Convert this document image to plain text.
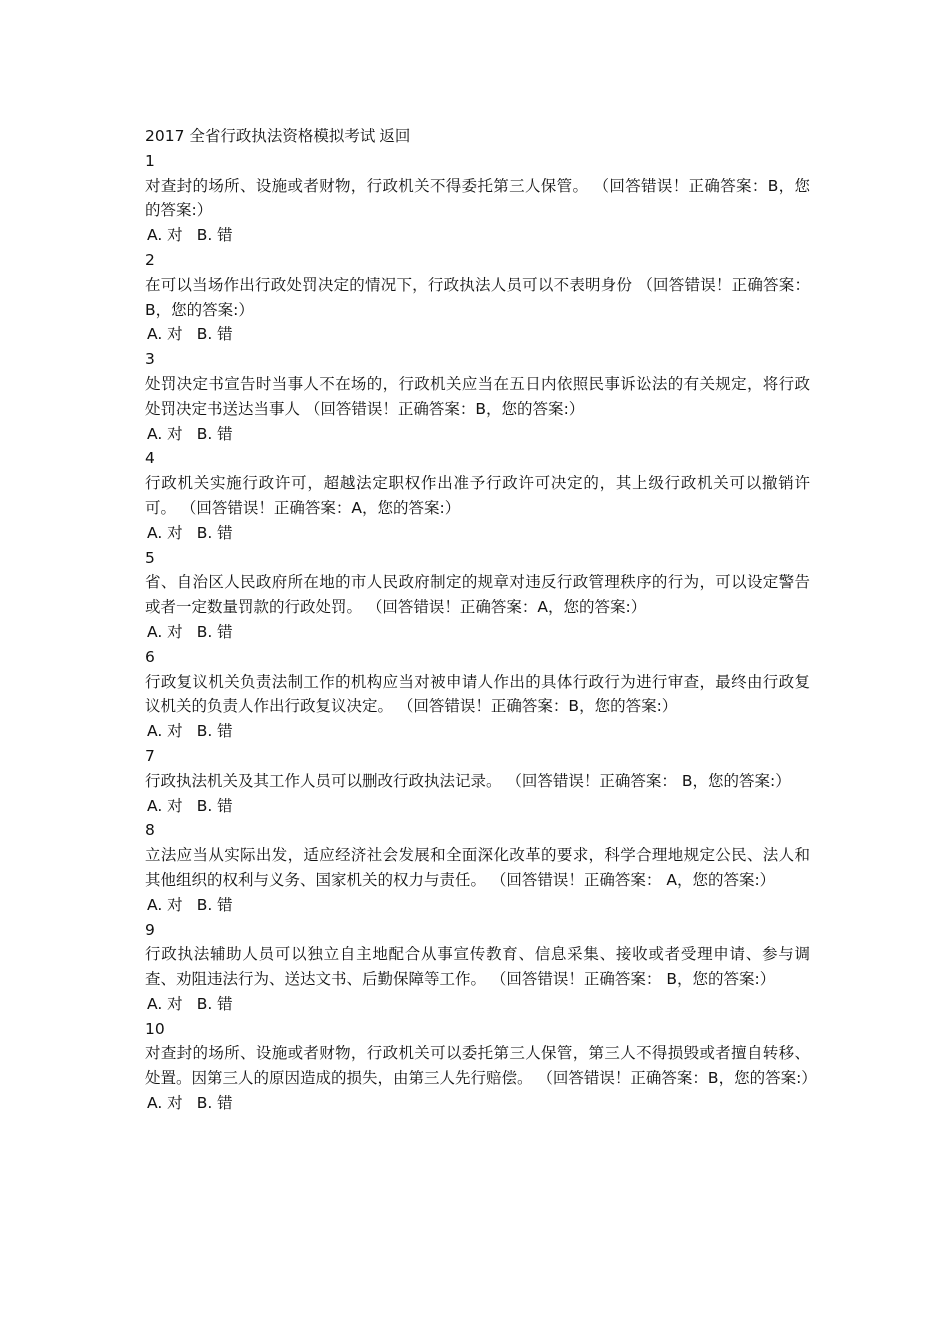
2017 全省行政执法资格模拟考试 返回

1

对查封的场所、设施或者财物，行政机关不得委托第三人保管。 （回答错误！正确答案：B，您的答案:）

A. 对 B. 错

2

在可以当场作出行政处罚决定的情况下，行政执法人员可以不表明身份 （回答错误！正确答案：B，您的答案:）

A. 对 B. 错

3

处罚决定书宣告时当事人不在场的，行政机关应当在五日内依照民事诉讼法的有关规定，将行政处罚决定书送达当事人 （回答错误！正确答案：B，您的答案:）

A. 对 B. 错

4

行政机关实施行政许可，超越法定职权作出准予行政许可决定的，其上级行政机关可以撤销许可。 （回答错误！正确答案：A，您的答案:）

A. 对 B. 错

5

省、自治区人民政府所在地的市人民政府制定的规章对违反行政管理秩序的行为，可以设定警告或者一定数量罚款的行政处罚。 （回答错误！正确答案：A，您的答案:）

A. 对 B. 错

6

行政复议机关负责法制工作的机构应当对被申请人作出的具体行政行为进行审查，最终由行政复议机关的负责人作出行政复议决定。 （回答错误！正确答案：B，您的答案:）

A. 对 B. 错

7

行政执法机关及其工作人员可以删改行政执法记录。 （回答错误！正确答案： B，您的答案:）

A. 对 B. 错

8

立法应当从实际出发，适应经济社会发展和全面深化改革的要求，科学合理地规定公民、法人和其他组织的权利与义务、国家机关的权力与责任。 （回答错误！正确答案： A，您的答案:）

A. 对 B. 错

9

行政执法辅助人员可以独立自主地配合从事宣传教育、信息采集、接收或者受理申请、参与调查、劝阻违法行为、送达文书、后勤保障等工作。 （回答错误！正确答案： B，您的答案:）

A. 对 B. 错

10

对查封的场所、设施或者财物，行政机关可以委托第三人保管，第三人不得损毁或者擅自转移、处置。因第三人的原因造成的损失，由第三人先行赔偿。 （回答错误！正确答案：B，您的答案:）

A. 对 B. 错
